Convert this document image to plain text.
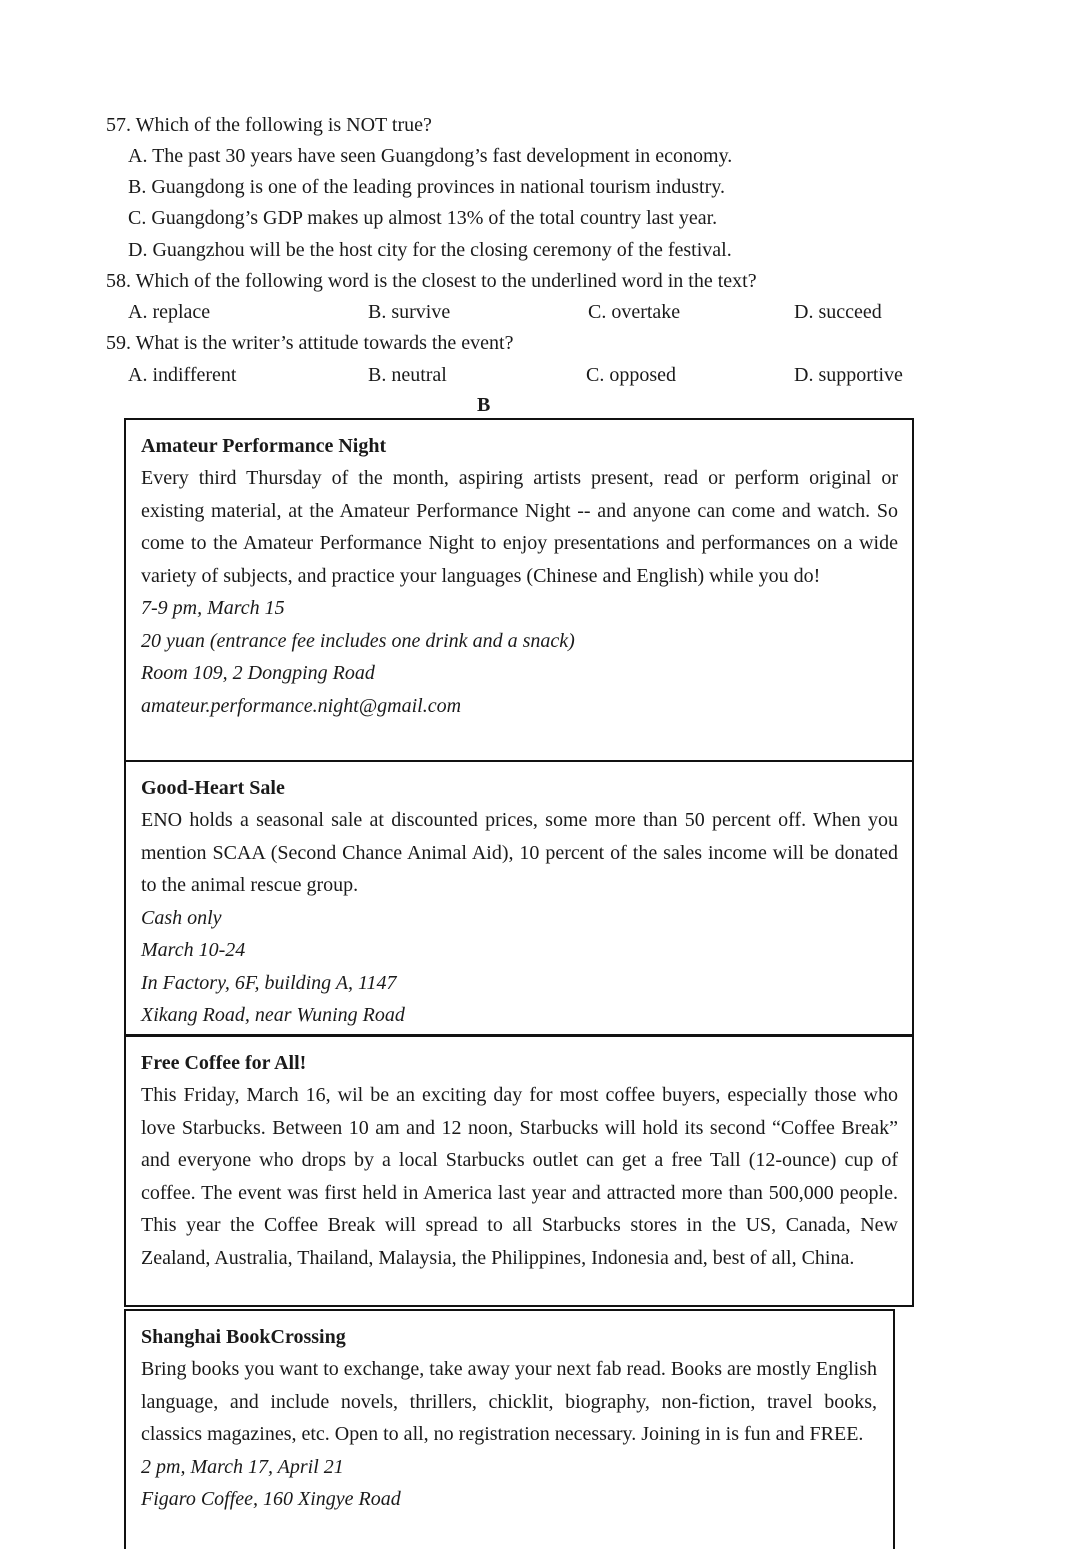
57. Which of the following is NOT true?
A. The past 30 years have seen Guangdong’s fast development in economy.
B. Guangdong is one of the leading provinces in national tourism industry.
C. Guangdong’s GDP makes up almost 13% of the total country last year.
D. Guangzhou will be the host city for the closing ceremony of the festival.
58. Which of the following word is the closest to the underlined word in the text?
A. replace	B. survive	C. overtake	D. succeed
59. What is the writer’s attitude towards the event?
A. indifferent	B. neutral	C. opposed	D. supportive
B
Amateur Performance Night
Every third Thursday of the month, aspiring artists present, read or perform original or existing material, at the Amateur Performance Night -- and anyone can come and watch. So come to the Amateur Performance Night to enjoy presentations and performances on a wide variety of subjects, and practice your languages (Chinese and English) while you do!
7-9 pm, March 15
20 yuan (entrance fee includes one drink and a snack)
Room 109, 2 Dongping Road
amateur.performance.night@gmail.com
Good-Heart Sale
ENO holds a seasonal sale at discounted prices, some more than 50 percent off. When you mention SCAA (Second Chance Animal Aid), 10 percent of the sales income will be donated to the animal rescue group.
Cash only
March 10-24
In Factory, 6F, building A, 1147
Xikang Road, near Wuning Road
Free Coffee for All!
This Friday, March 16, wil be an exciting day for most coffee buyers, especially those who love Starbucks. Between 10 am and 12 noon, Starbucks will hold its second “Coffee Break” and everyone who drops by a local Starbucks outlet can get a free Tall (12-ounce) cup of coffee. The event was first held in America last year and attracted more than 500,000 people. This year the Coffee Break will spread to all Starbucks stores in the US, Canada, New Zealand, Australia, Thailand, Malaysia, the Philippines, Indonesia and, best of all, China.
Shanghai BookCrossing
Bring books you want to exchange, take away your next fab read. Books are mostly English language, and include novels, thrillers, chicklit, biography, non-fiction, travel books, classics magazines, etc. Open to all, no registration necessary. Joining in is fun and FREE.
2 pm, March 17, April 21
Figaro Coffee, 160 Xingye Road
